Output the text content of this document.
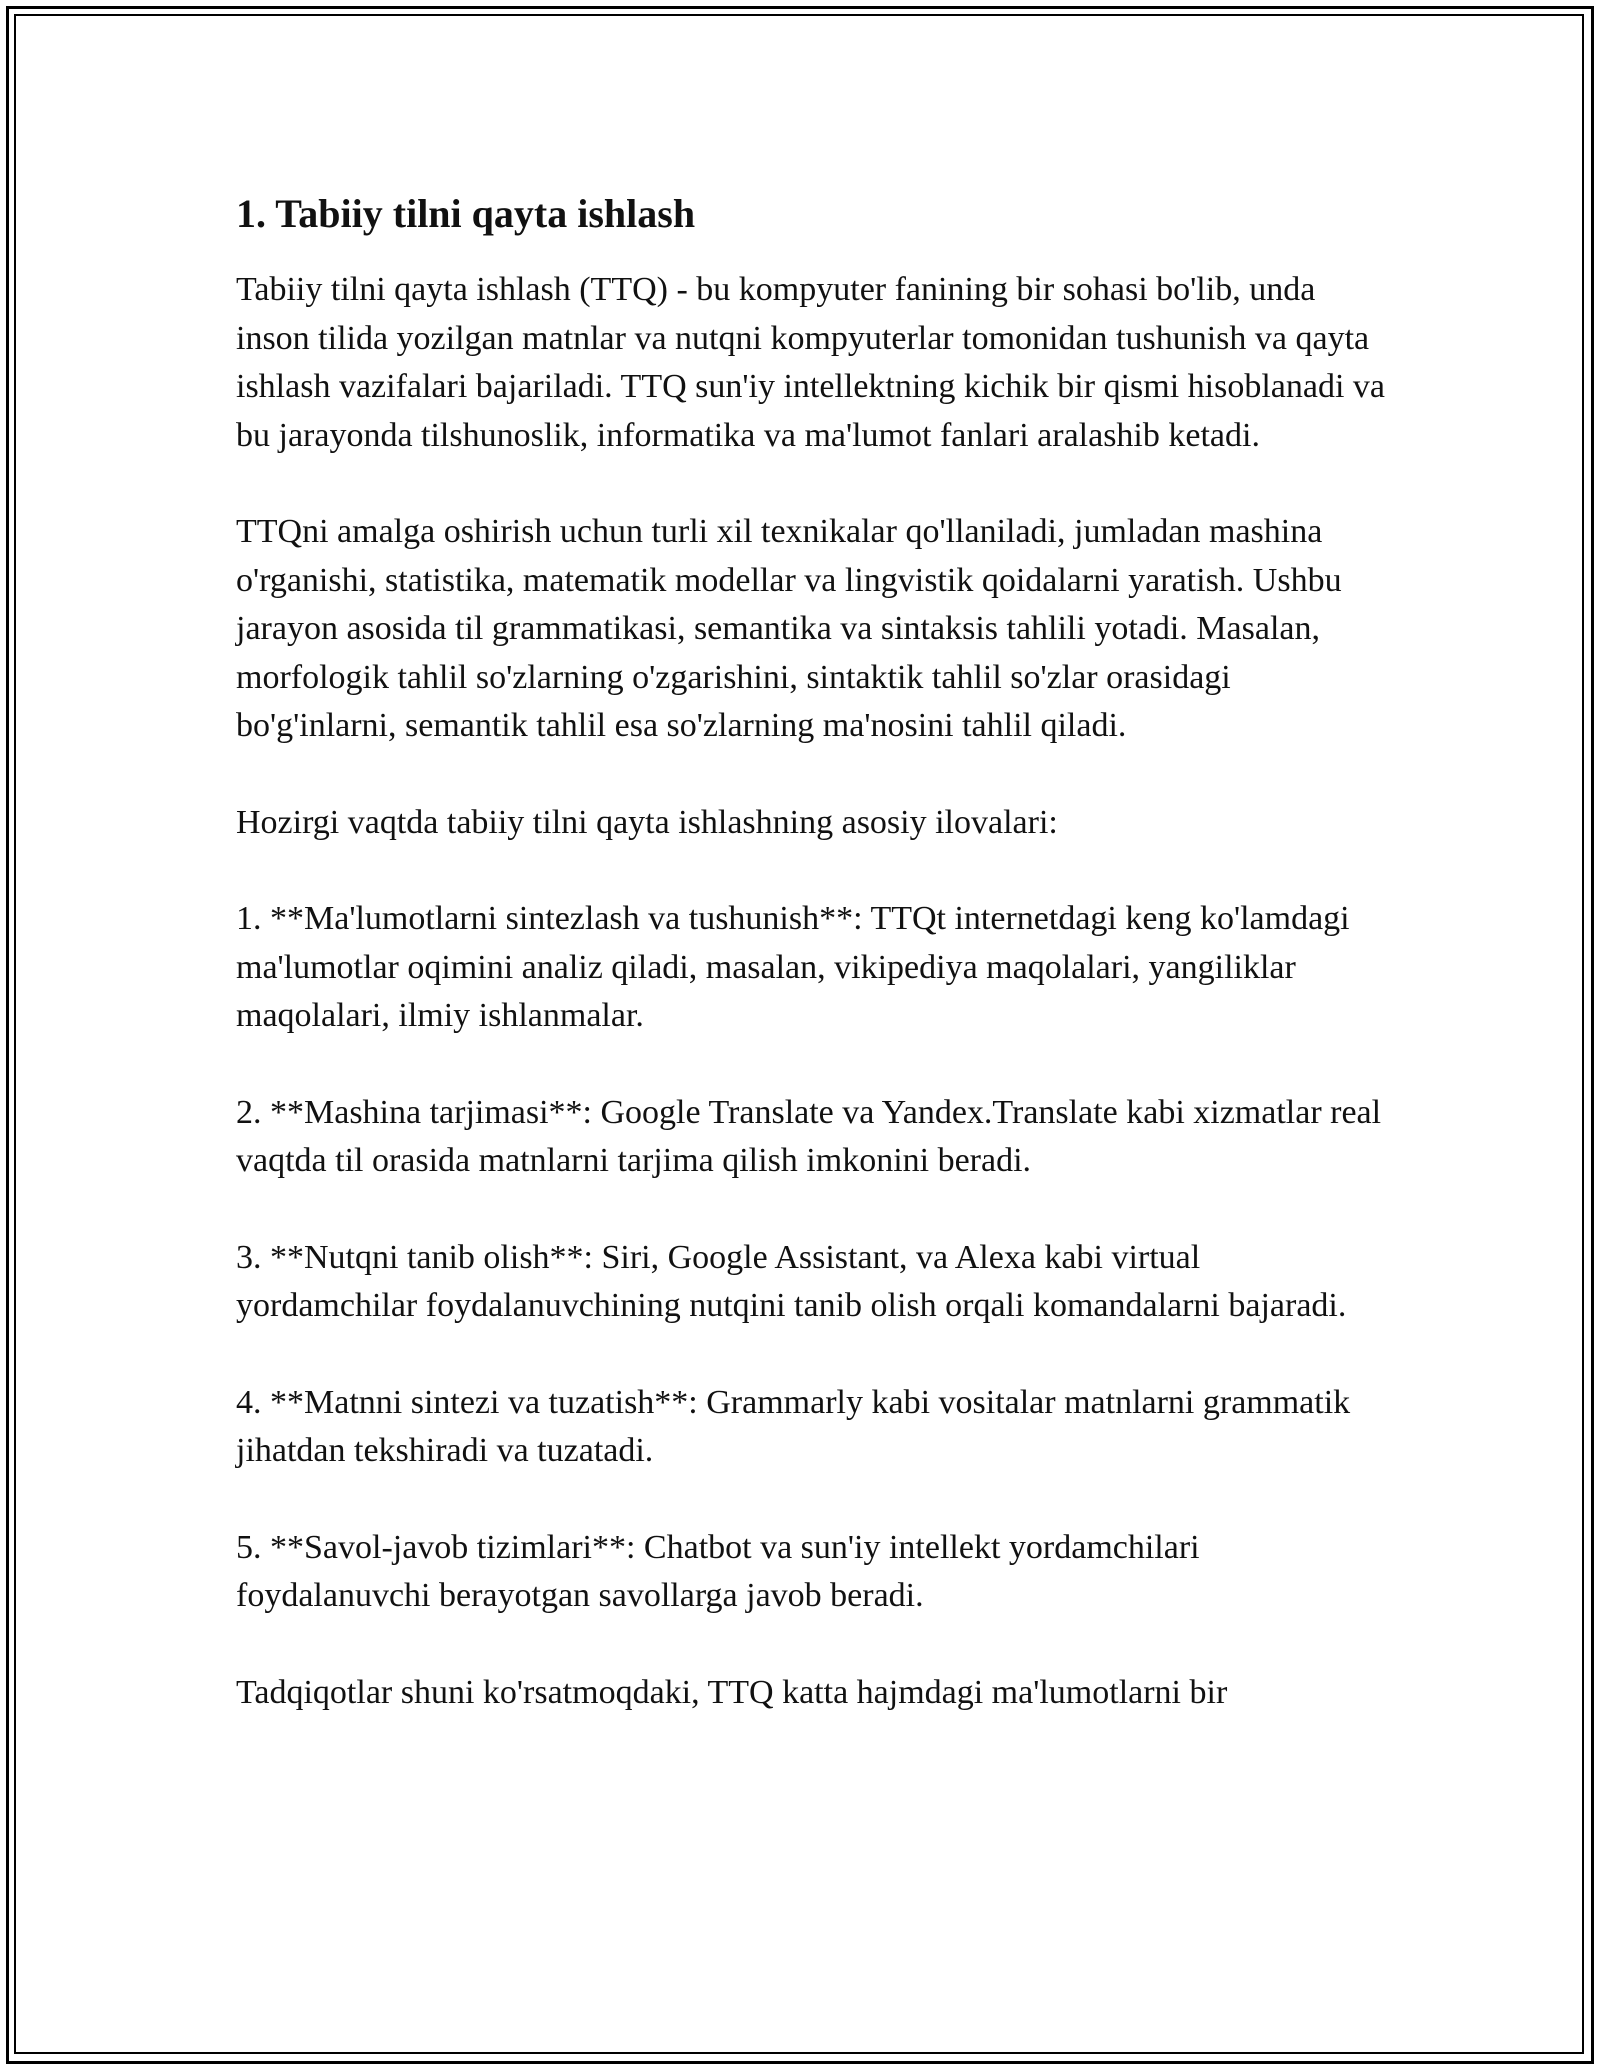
1. Tabiiy tilni qayta ishlash

Tabiiy tilni qayta ishlash (TTQ) - bu kompyuter fanining bir sohasi bo'lib, unda inson tilida yozilgan matnlar va nutqni kompyuterlar tomonidan tushunish va qayta ishlash vazifalari bajariladi. TTQ sun'iy intellektning kichik bir qismi hisoblanadi va bu jarayonda tilshunoslik, informatika va ma'lumot fanlari aralashib ketadi.

TTQni amalga oshirish uchun turli xil texnikalar qo'llaniladi, jumladan mashina o'rganishi, statistika, matematik modellar va lingvistik qoidalarni yaratish. Ushbu jarayon asosida til grammatikasi, semantika va sintaksis tahlili yotadi. Masalan, morfologik tahlil so'zlarning o'zgarishini, sintaktik tahlil so'zlar orasidagi bo'g'inlarni, semantik tahlil esa so'zlarning ma'nosini tahlil qiladi.

Hozirgi vaqtda tabiiy tilni qayta ishlashning asosiy ilovalari:

1. **Ma'lumotlarni sintezlash va tushunish**: TTQt internetdagi keng ko'lamdagi ma'lumotlar oqimini analiz qiladi, masalan, vikipediya maqolalari, yangiliklar maqolalari, ilmiy ishlanmalar.

2. **Mashina tarjimasi**: Google Translate va Yandex.Translate kabi xizmatlar real vaqtda til orasida matnlarni tarjima qilish imkonini beradi.

3. **Nutqni tanib olish**: Siri, Google Assistant, va Alexa kabi virtual yordamchilar foydalanuvchining nutqini tanib olish orqali komandalarni bajaradi.

4. **Matnni sintezi va tuzatish**: Grammarly kabi vositalar matnlarni grammatik jihatdan tekshiradi va tuzatadi.

5. **Savol-javob tizimlari**: Chatbot va sun'iy intellekt yordamchilari foydalanuvchi berayotgan savollarga javob beradi.

Tadqiqotlar shuni ko'rsatmoqdaki, TTQ katta hajmdagi ma'lumotlarni bir
